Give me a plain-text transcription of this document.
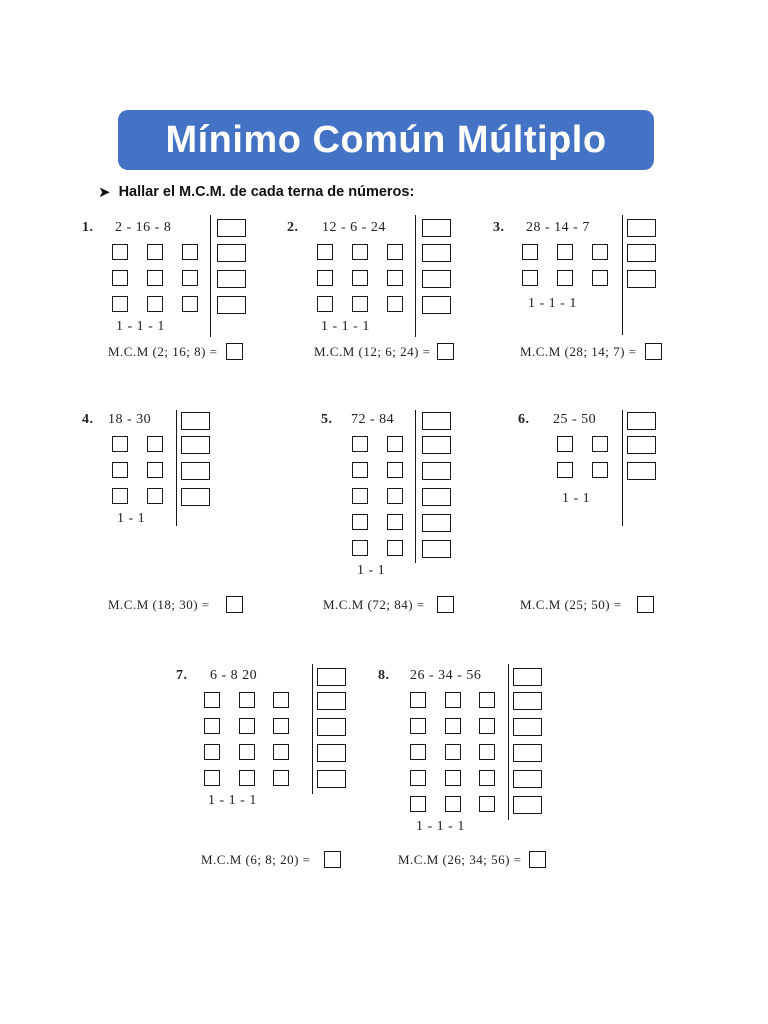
Mínimo Común Múltiplo
➤ Hallar el M.C.M. de cada terna de números:
1. 2 - 16 - 8
1 - 1 - 1
M.C.M (2; 16; 8) =
2. 12 - 6 - 24
1 - 1 - 1
M.C.M (12; 6; 24) =
3. 28 - 14 - 7
1 - 1 - 1
M.C.M (28; 14; 7) =
4. 18 - 30
1 - 1
M.C.M (18; 30) =
5. 72 - 84
1 - 1
M.C.M (72; 84) =
6. 25 - 50
1 - 1
M.C.M (25; 50) =
7. 6 - 8 20
1 - 1 - 1
M.C.M (6; 8; 20) =
8. 26 - 34 - 56
1 - 1 - 1
M.C.M (26; 34; 56) =
